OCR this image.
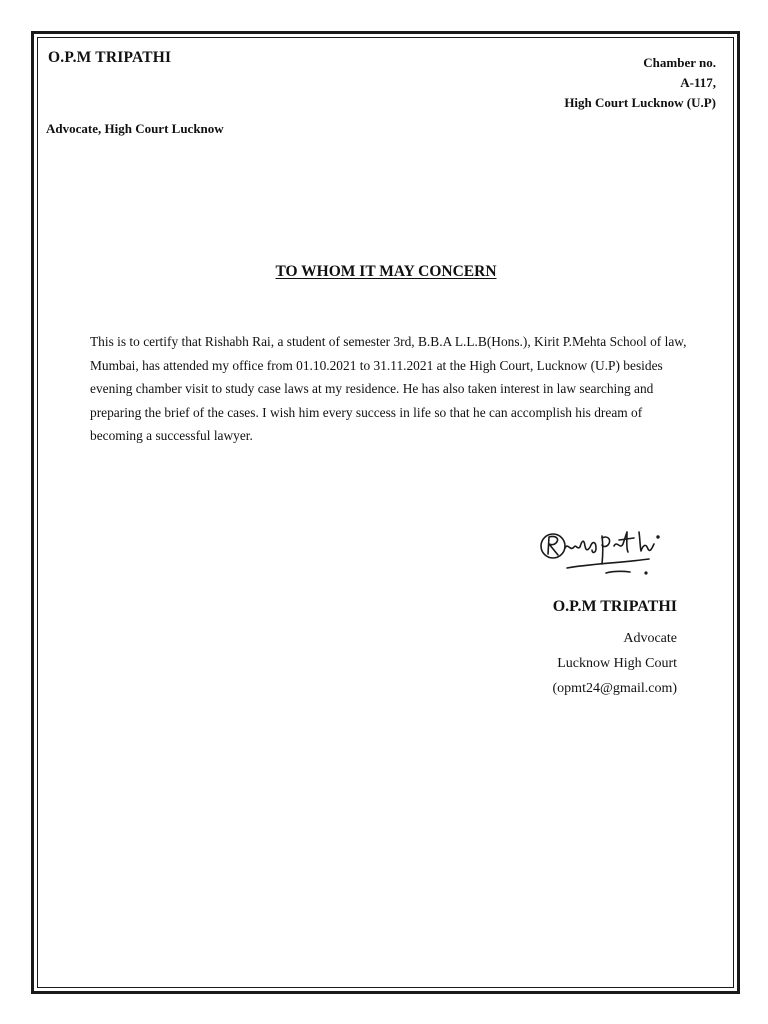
O.P.M TRIPATHI	Chamber no.
A-117,
High Court Lucknow (U.P)
Advocate, High Court Lucknow
TO WHOM IT MAY CONCERN
This is to certify that Rishabh Rai, a student of semester 3rd, B.B.A L.L.B(Hons.), Kirit P.Mehta School of law, Mumbai, has attended my office from 01.10.2021 to 31.11.2021 at the High Court, Lucknow (U.P) besides evening chamber visit to study case laws at my residence. He has also taken interest in law searching and preparing the brief of the cases. I wish him every success in life so that he can accomplish his dream of becoming a successful lawyer.
O.P.M TRIPATHI
Advocate
Lucknow High Court
(opmt24@gmail.com)
